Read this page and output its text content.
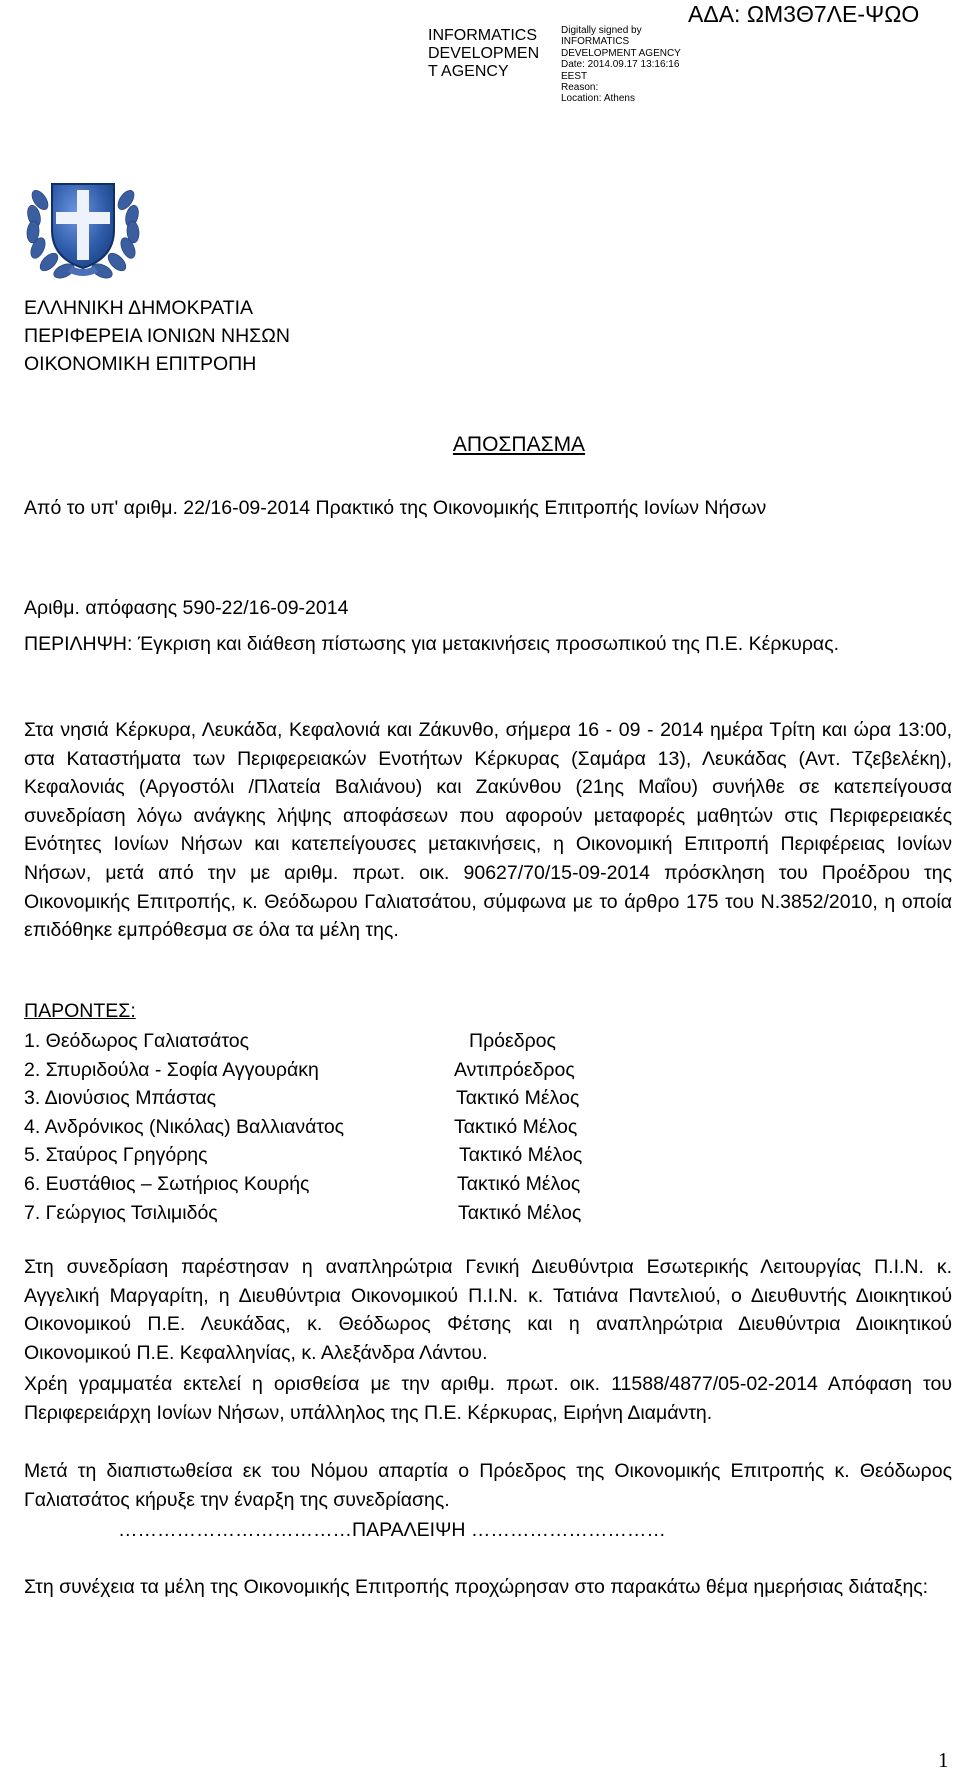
INFORMATICS
DEVELOPMEN
T AGENCY
Digitally signed by
INFORMATICS
DEVELOPMENT AGENCY
Date: 2014.09.17 13:16:16
EEST
Reason:
Location: Athens
ΑΔΑ: ΩΜ3Θ7ΛΕ-ΨΩΟ
ΕΛΛΗΝΙΚΗ ΔΗΜΟΚΡΑΤΙΑ
ΠΕΡΙΦΕΡΕΙΑ ΙΟΝΙΩΝ ΝΗΣΩΝ
ΟΙΚΟΝΟΜΙΚΗ ΕΠΙΤΡΟΠΗ
ΑΠΟΣΠΑΣΜΑ

Από το υπ' αριθμ. 22/16-09-2014 Πρακτικό της Οικονομικής Επιτροπής Ιονίων Νήσων

Αριθμ. απόφασης 590-22/16-09-2014

ΠΕΡΙΛΗΨΗ: Έγκριση και διάθεση πίστωσης για μετακινήσεις προσωπικού της Π.Ε. Κέρκυρας.

Στα νησιά Κέρκυρα, Λευκάδα, Κεφαλονιά και Ζάκυνθο, σήμερα 16 - 09 - 2014 ημέρα Τρίτη και ώρα 13:00, στα Καταστήματα των Περιφερειακών Ενοτήτων Κέρκυρας (Σαμάρα 13), Λευκάδας (Αντ. Τζεβελέκη), Κεφαλονιάς (Αργοστόλι /Πλατεία Βαλιάνου) και Ζακύνθου (21ης Μαΐου) συνήλθε σε κατεπείγουσα συνεδρίαση λόγω ανάγκης λήψης αποφάσεων που αφορούν μεταφορές μαθητών στις Περιφερειακές Ενότητες Ιονίων Νήσων και κατεπείγουσες μετακινήσεις, η Οικονομική Επιτροπή Περιφέρειας Ιονίων Νήσων, μετά από την με αριθμ. πρωτ. οικ. 90627/70/15-09-2014 πρόσκληση του Προέδρου της Οικονομικής Επιτροπής, κ. Θεόδωρου Γαλιατσάτου, σύμφωνα με το άρθρο 175 του Ν.3852/2010, η οποία επιδόθηκε εμπρόθεσμα σε όλα τα μέλη της.

ΠΑΡΟΝΤΕΣ:
1. Θεόδωρος Γαλιατσάτος	Πρόεδρος
2. Σπυριδούλα - Σοφία Αγγουράκη	Αντιπρόεδρος
3. Διονύσιος Μπάστας	Τακτικό Μέλος
4. Ανδρόνικος (Νικόλας) Βαλλιανάτος	Τακτικό Μέλος
5. Σταύρος Γρηγόρης	Τακτικό Μέλος
6. Ευστάθιος – Σωτήριος Κουρής	Τακτικό Μέλος
7. Γεώργιος Τσιλιμιδός	Τακτικό Μέλος

Στη συνεδρίαση παρέστησαν η αναπληρώτρια Γενική Διευθύντρια Εσωτερικής Λειτουργίας Π.Ι.Ν. κ. Αγγελική Μαργαρίτη, η Διευθύντρια Οικονομικού Π.Ι.Ν. κ. Τατιάνα Παντελιού, ο Διευθυντής Διοικητικού Οικονομικού Π.Ε. Λευκάδας, κ. Θεόδωρος Φέτσης και η αναπληρώτρια Διευθύντρια Διοικητικού Οικονομικού Π.Ε. Κεφαλληνίας, κ. Αλεξάνδρα Λάντου.

Χρέη γραμματέα εκτελεί η ορισθείσα με την αριθμ. πρωτ. οικ. 11588/4877/05-02-2014 Απόφαση του Περιφερειάρχη Ιονίων Νήσων, υπάλληλος της Π.Ε. Κέρκυρας, Ειρήνη Διαμάντη.

Μετά τη διαπιστωθείσα εκ του Νόμου απαρτία ο Πρόεδρος της Οικονομικής Επιτροπής κ. Θεόδωρος Γαλιατσάτος κήρυξε την έναρξη της συνεδρίασης.

………………………………ΠΑΡΑΛΕΙΨΗ …………………………

Στη συνέχεια τα μέλη της Οικονομικής Επιτροπής προχώρησαν στο παρακάτω θέμα ημερήσιας διάταξης:

1
